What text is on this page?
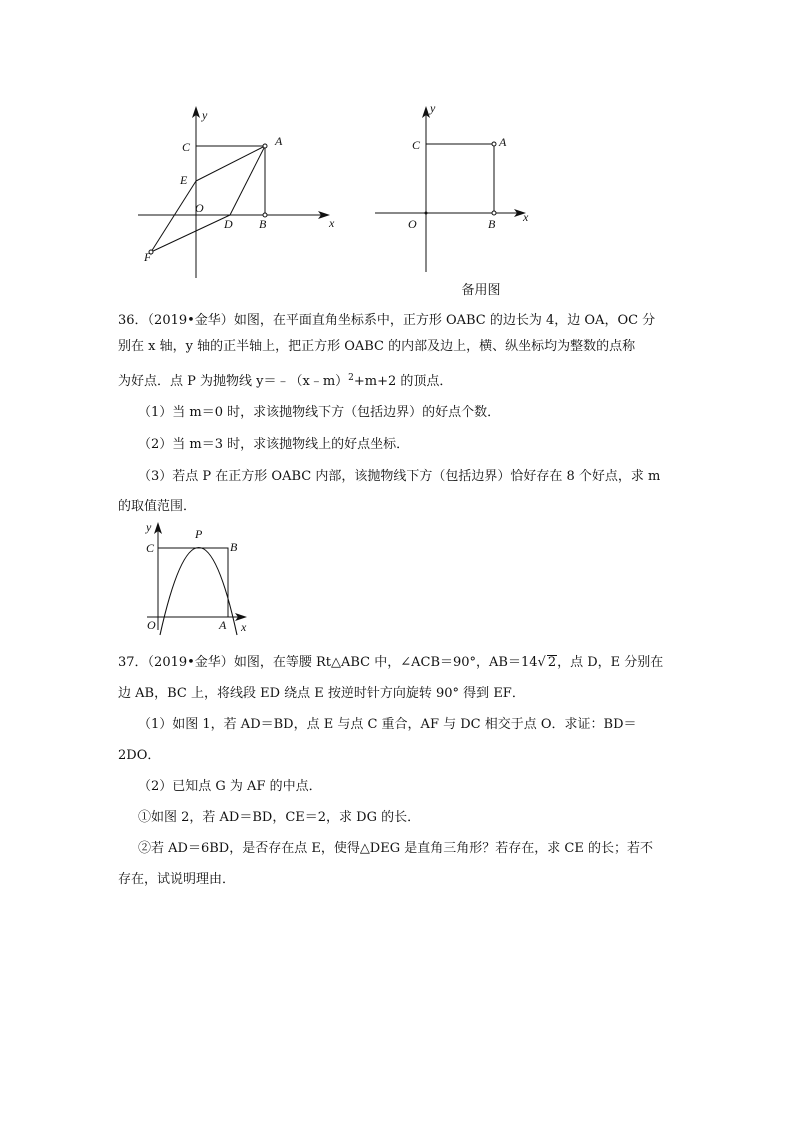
y
x
C	A
E
O
D B
F
y
x
C	A
O	B
备用图
36．（2019•金华）如图，在平面直角坐标系中，正方形 OABC 的边长为 4，边 OA，OC 分
别在 x 轴，y 轴的正半轴上，把正方形 OABC 的内部及边上，横、纵坐标均为整数的点称
为好点．点 P 为抛物线 y＝﹣（x﹣m）$^2$+m+2 的顶点．
（1）当 m＝0 时，求该抛物线下方（包括边界）的好点个数．
（2）当 m＝3 时，求该抛物线上的好点坐标．
（3）若点 P 在正方形 OABC 内部，该抛物线下方（包括边界）恰好存在 8 个好点，求 m
的取值范围．
y
x
P
C	B
O	A
37．（2019•金华）如图，在等腰 Rt△ABC 中，∠ACB＝90°，AB＝14√ 2，点 D，E 分别在
边 AB，BC 上，将线段 ED 绕点 E 按逆时针方向旋转 90° 得到 EF．
（1）如图 1，若 AD＝BD，点 E 与点 C 重合，AF 与 DC 相交于点 O．求证：BD＝
2DO．
（2）已知点 G 为 AF 的中点．
①如图 2，若 AD＝BD，CE＝2，求 DG 的长．
②若 AD＝6BD，是否存在点 E，使得△DEG 是直角三角形？若存在，求 CE 的长；若不
存在，试说明理由．
